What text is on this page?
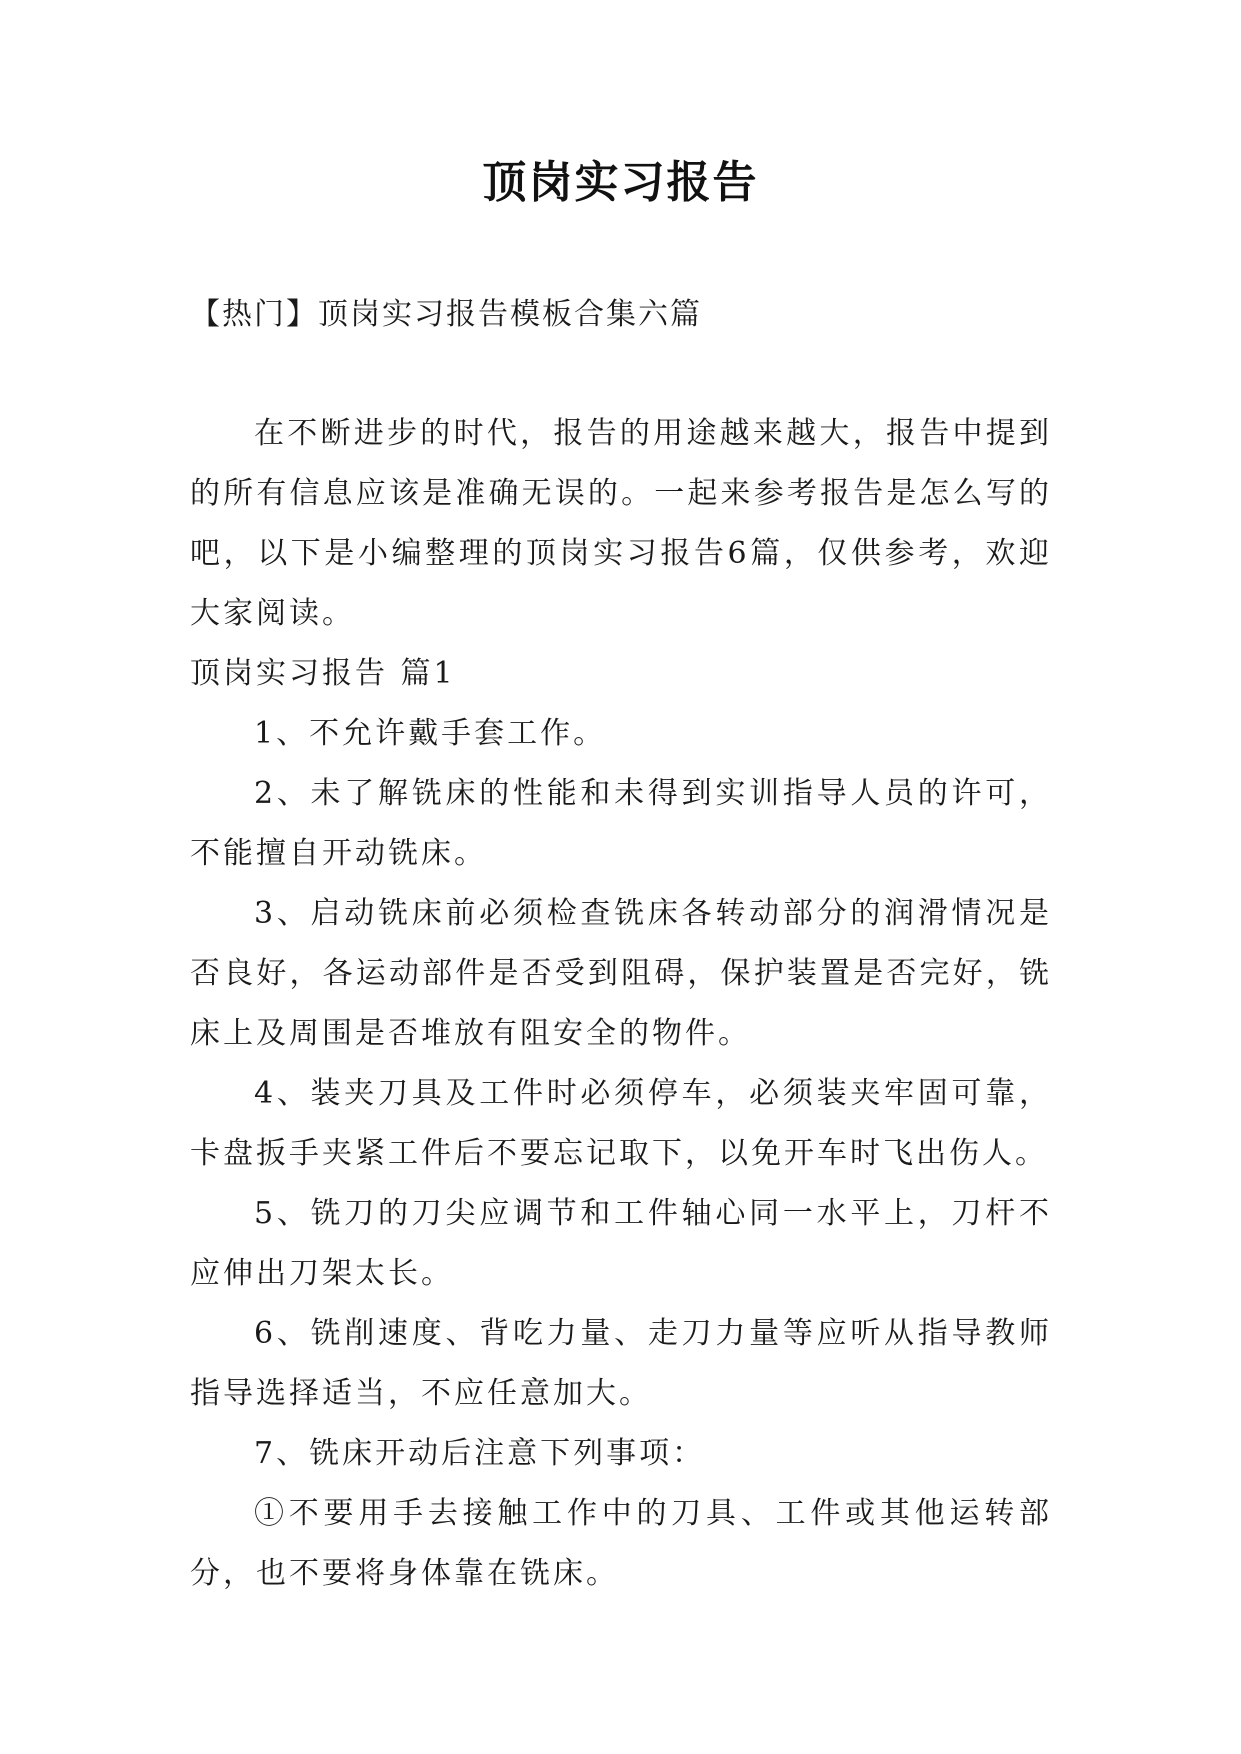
顶岗实习报告
【热门】顶岗实习报告模板合集六篇

在不断进步的时代，报告的用途越来越大，报告中提到的所有信息应该是准确无误的。一起来参考报告是怎么写的吧，以下是小编整理的顶岗实习报告6篇，仅供参考，欢迎大家阅读。

顶岗实习报告 篇1

1、不允许戴手套工作。

2、未了解铣床的性能和未得到实训指导人员的许可，不能擅自开动铣床。

3、启动铣床前必须检查铣床各转动部分的润滑情况是否良好，各运动部件是否受到阻碍，保护装置是否完好，铣床上及周围是否堆放有阻安全的物件。

4、装夹刀具及工件时必须停车，必须装夹牢固可靠，卡盘扳手夹紧工件后不要忘记取下，以免开车时飞出伤人。

5、铣刀的刀尖应调节和工件轴心同一水平上，刀杆不应伸出刀架太长。

6、铣削速度、背吃力量、走刀力量等应听从指导教师指导选择适当，不应任意加大。

7、铣床开动后注意下列事项：

①不要用手去接触工作中的刀具、工件或其他运转部分，也不要将身体靠在铣床。
